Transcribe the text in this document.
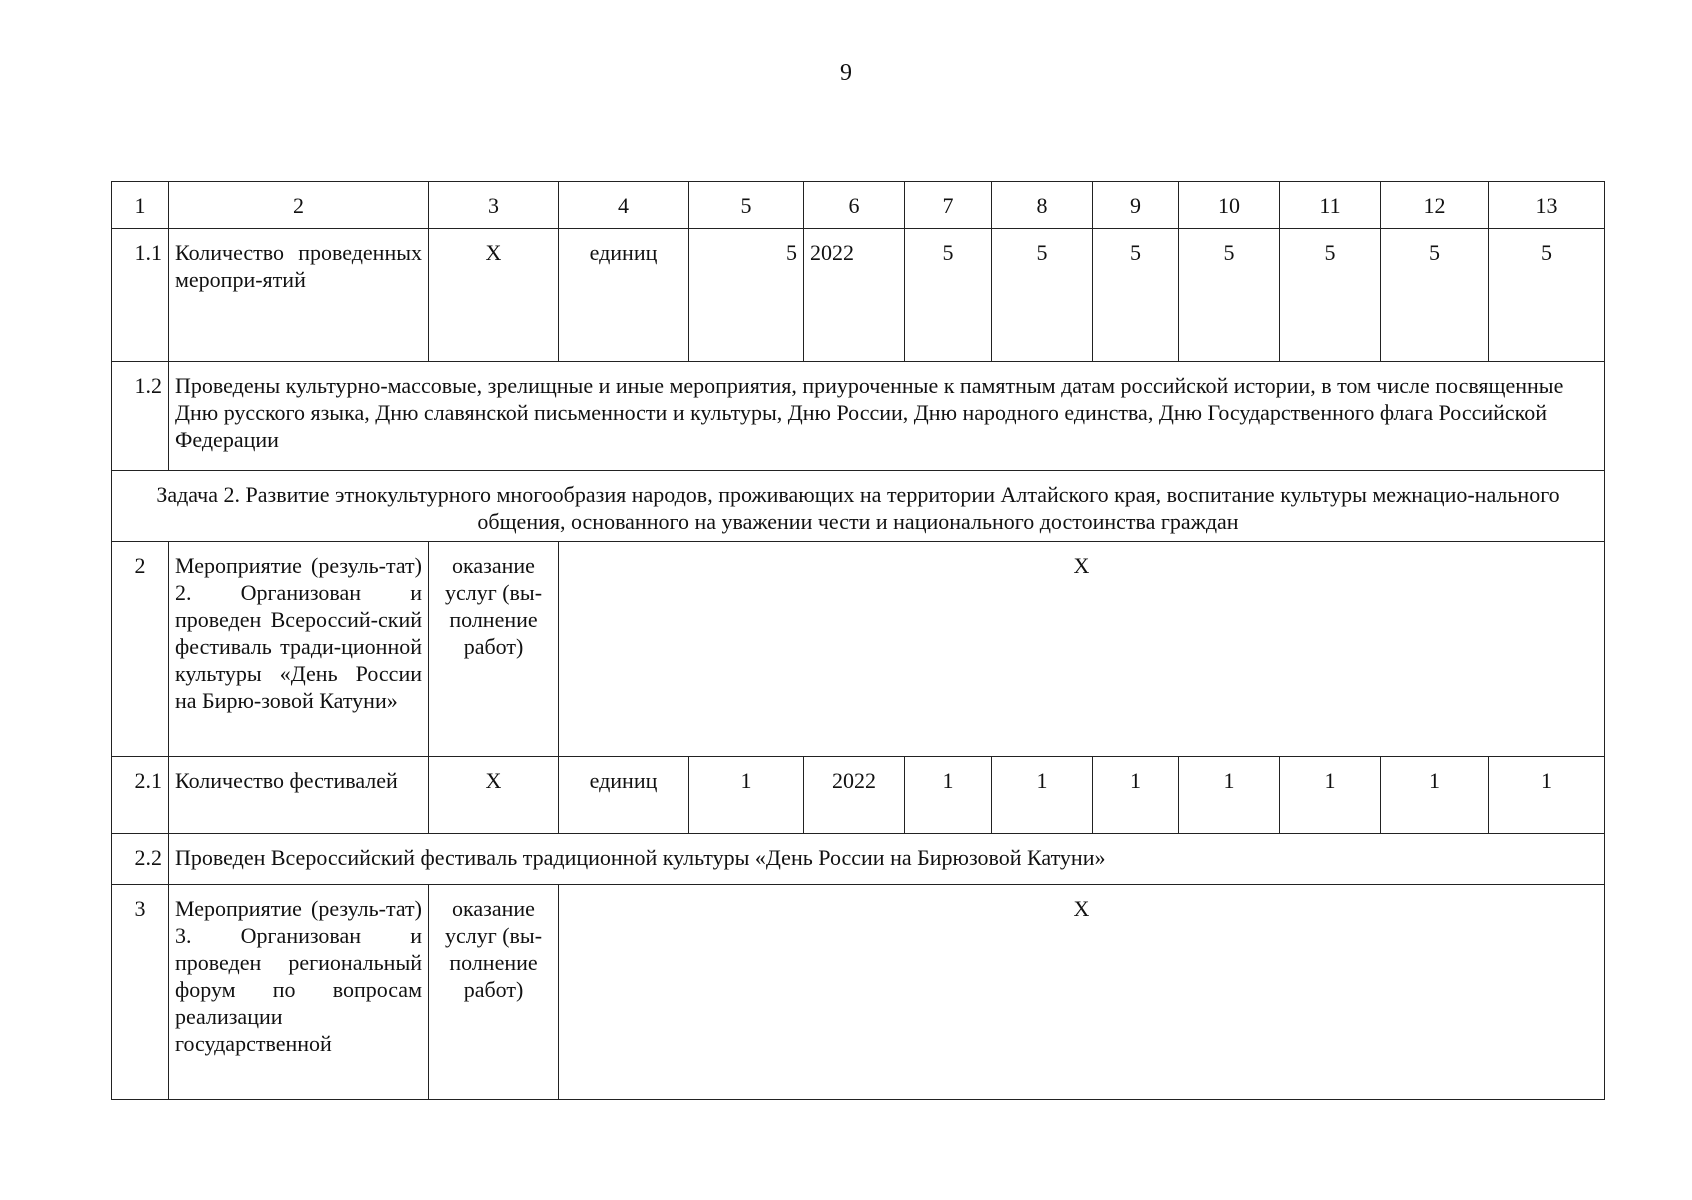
9
1	2	3	4	5	6	7	8	9	10	11	12	13
1.1	Количество проведенных меропри-ятий	Х	единиц	5	2022	5	5	5	5	5	5	5
1.2	Проведены культурно-массовые, зрелищные и иные мероприятия, приуроченные к памятным датам российской истории, в том числе посвященные Дню русского языка, Дню славянской письменности и культуры, Дню России, Дню народного единства, Дню Государственного флага Российской Федерации											
Задача 2. Развитие этнокультурного многообразия народов, проживающих на территории Алтайского края, воспитание культуры межнацио-нального общения, основанного на уважении чести и национального достоинства граждан												
2	Мероприятие (резуль-тат) 2. Организован и проведен Всероссий-ский фестиваль тради-ционной культуры «День России на Бирю-зовой Катуни»	оказание услуг (вы-полнение работ)	Х									
2.1	Количество фестивалей	Х	единиц	1	2022	1	1	1	1	1	1	1
2.2	Проведен Всероссийский фестиваль традиционной культуры «День России на Бирюзовой Катуни»											
3	Мероприятие (резуль-тат) 3. Организован и проведен региональный форум по вопросам реализации государственной	оказание услуг (вы-полнение работ)	Х									
